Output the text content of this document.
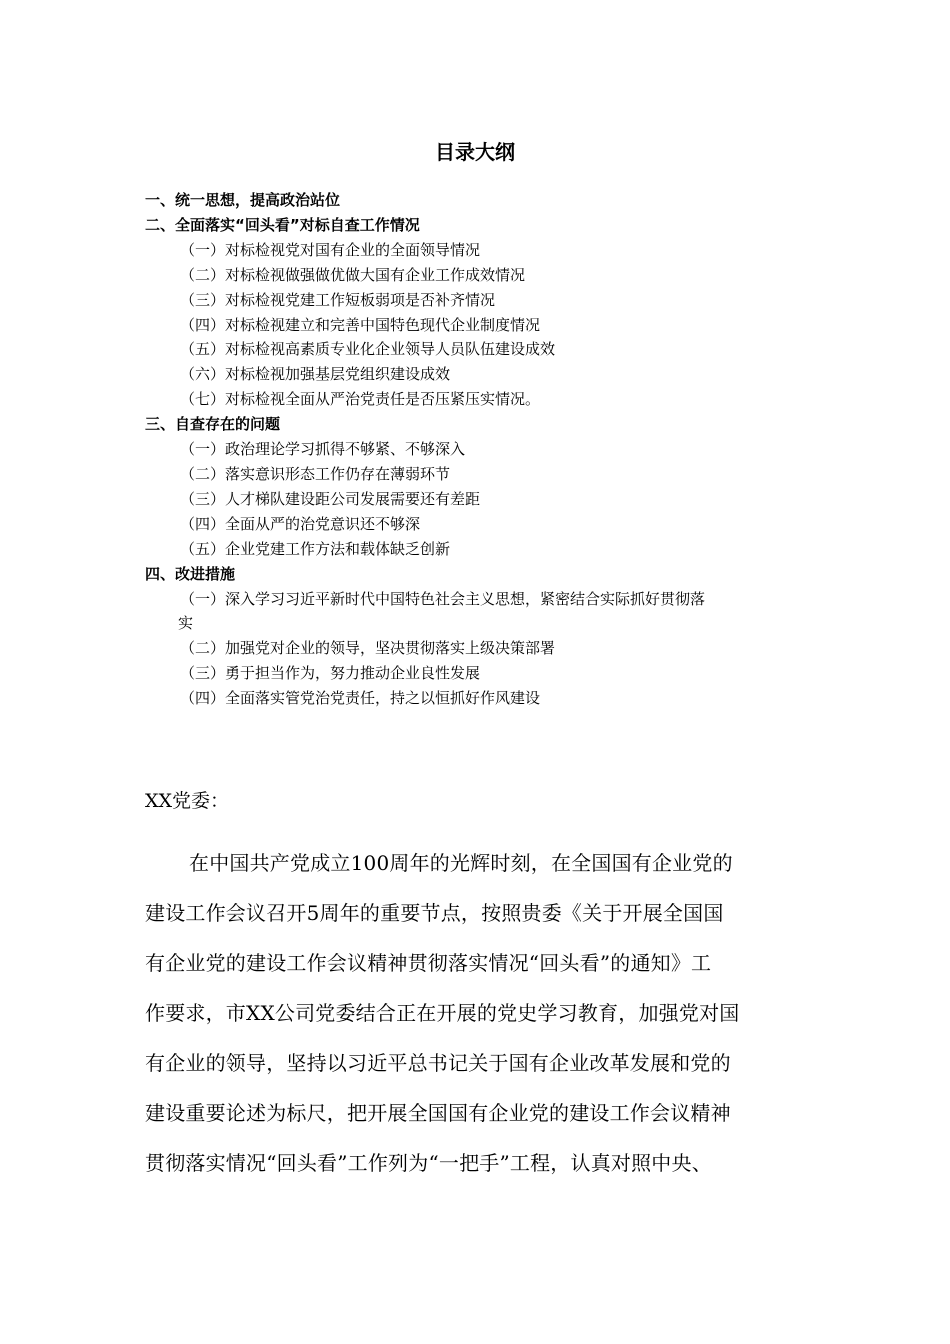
目录大纲
一、统一思想，提高政治站位
二、全面落实“回头看”对标自查工作情况
（一）对标检视党对国有企业的全面领导情况
（二）对标检视做强做优做大国有企业工作成效情况
（三）对标检视党建工作短板弱项是否补齐情况
（四）对标检视建立和完善中国特色现代企业制度情况
（五）对标检视高素质专业化企业领导人员队伍建设成效
（六）对标检视加强基层党组织建设成效
（七）对标检视全面从严治党责任是否压紧压实情况。
三、自查存在的问题
（一）政治理论学习抓得不够紧、不够深入
（二）落实意识形态工作仍存在薄弱环节
（三）人才梯队建设距公司发展需要还有差距
（四）全面从严的治党意识还不够深
（五）企业党建工作方法和载体缺乏创新
四、改进措施
（一）深入学习习近平新时代中国特色社会主义思想，紧密结合实际抓好贯彻落
实
（二）加强党对企业的领导，坚决贯彻落实上级决策部署
（三）勇于担当作为，努力推动企业良性发展
（四）全面落实管党治党责任，持之以恒抓好作风建设
XX党委：
在中国共产党成立100周年的光辉时刻，在全国国有企业党的
建设工作会议召开5周年的重要节点，按照贵委《关于开展全国国
有企业党的建设工作会议精神贯彻落实情况“回头看”的通知》工
作要求，市XX公司党委结合正在开展的党史学习教育，加强党对国
有企业的领导，坚持以习近平总书记关于国有企业改革发展和党的
建设重要论述为标尺，把开展全国国有企业党的建设工作会议精神
贯彻落实情况“回头看”工作列为“一把手”工程，认真对照中央、
